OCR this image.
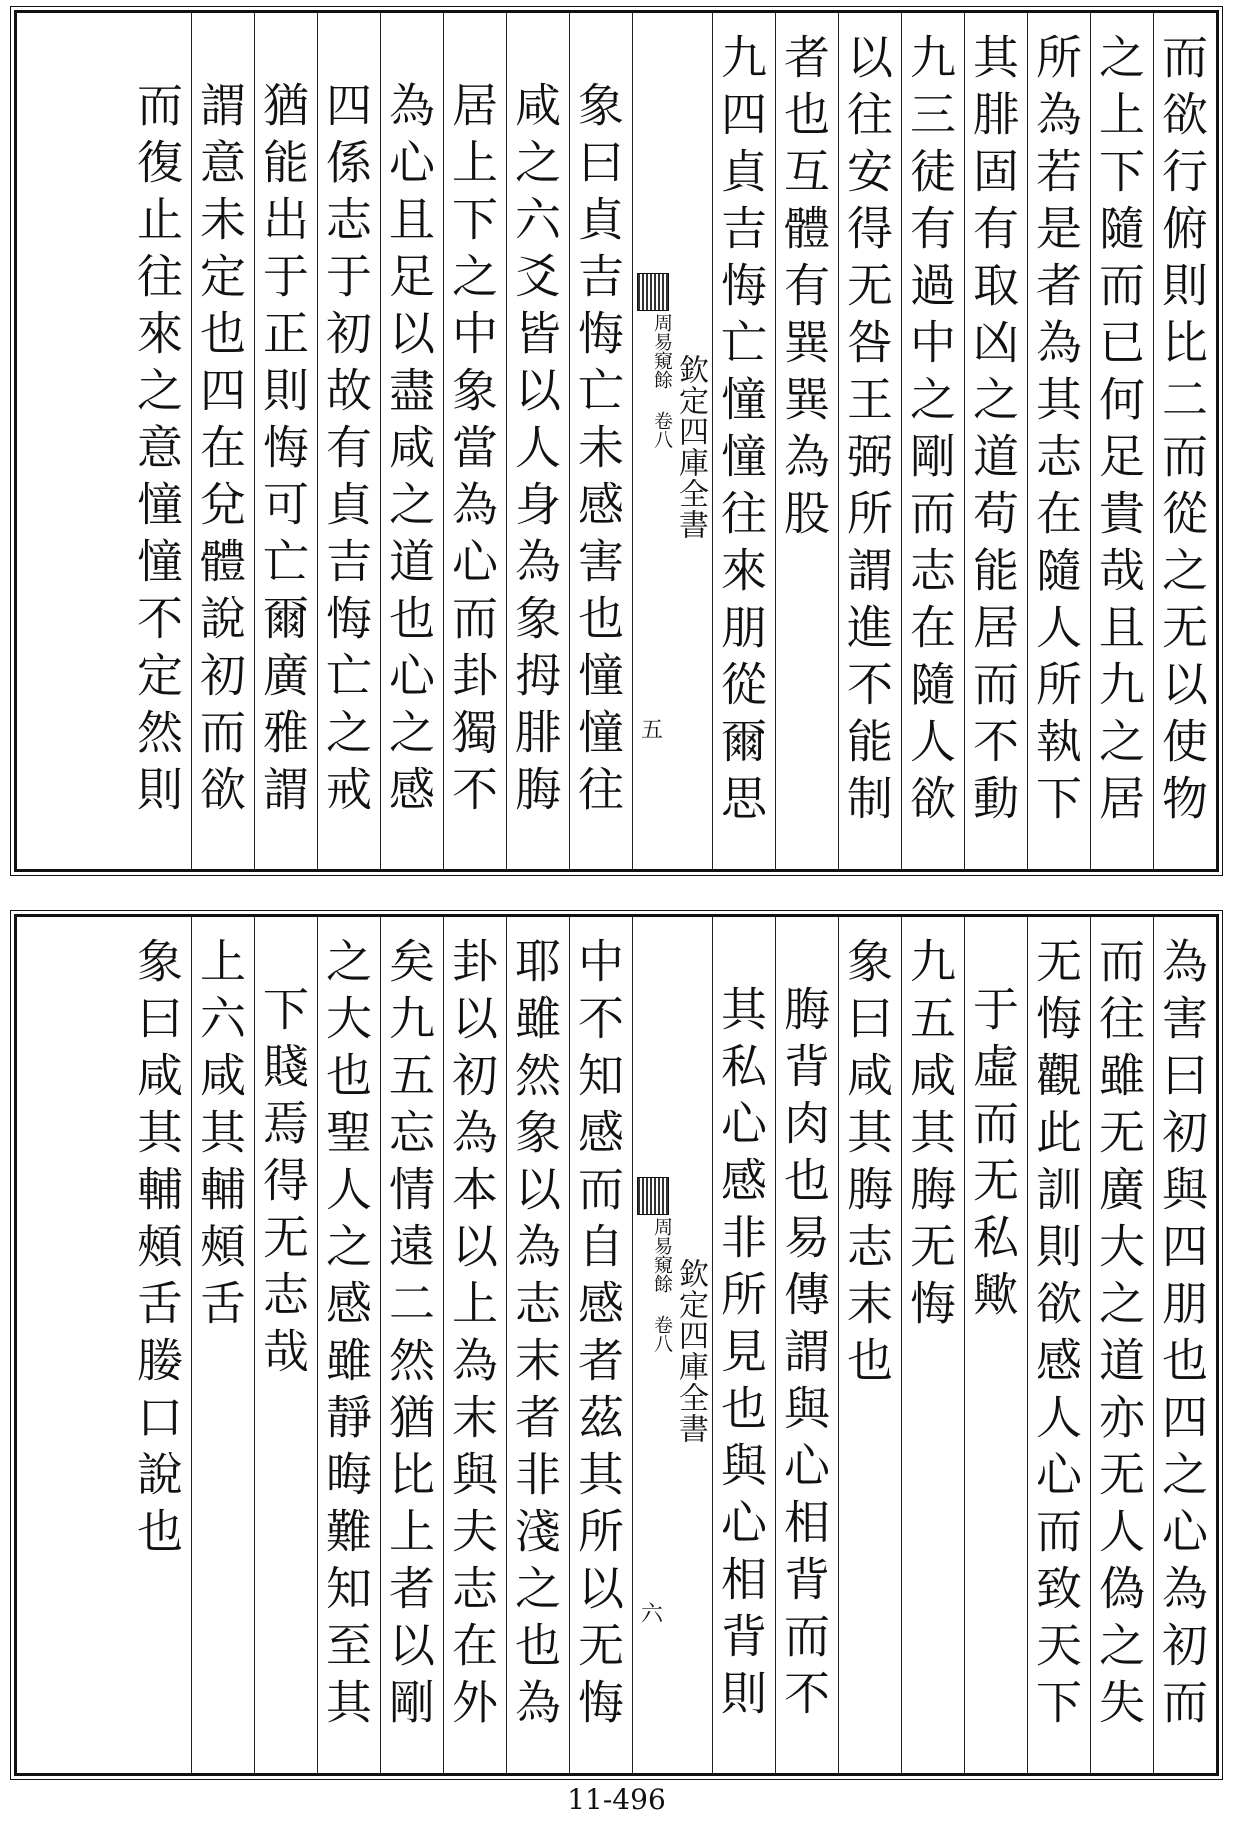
而欲行俯則比二而從之无以使物
之上下隨而已何足貴哉且九之居
所為若是者為其志在隨人所執下
其腓固有取凶之道苟能居而不動
九三徒有過中之剛而志在隨人欲
以往安得无咎王弼所謂進不能制
者也互體有巽巽為股
九四貞吉悔亡憧憧往來朋從爾思
欽定四庫全書
周易窺餘 卷八
五
象曰貞吉悔亡未感害也憧憧往
咸之六爻皆以人身為象拇腓脢
居上下之中象當為心而卦獨不
為心且足以盡咸之道也心之感
四係志于初故有貞吉悔亡之戒
猶能出于正則悔可亡爾廣雅謂
謂意未定也四在兌體說初而欲
而復止往來之意憧憧不定然則
為害曰初與四朋也四之心為初而
而往雖无廣大之道亦无人偽之失
无悔觀此訓則欲感人心而致天下
于虛而无私歟
九五咸其脢无悔
象曰咸其脢志末也
脢背肉也易傳謂與心相背而不
其私心感非所見也與心相背則
欽定四庫全書
周易窺餘 卷八
六
中不知感而自感者茲其所以无悔
耶雖然象以為志末者非淺之也為
卦以初為本以上為末與夫志在外
矣九五忘情遠二然猶比上者以剛
之大也聖人之感雖靜晦難知至其
下賤焉得无志哉
上六咸其輔頰舌
象曰咸其輔頰舌媵口說也
11-496
